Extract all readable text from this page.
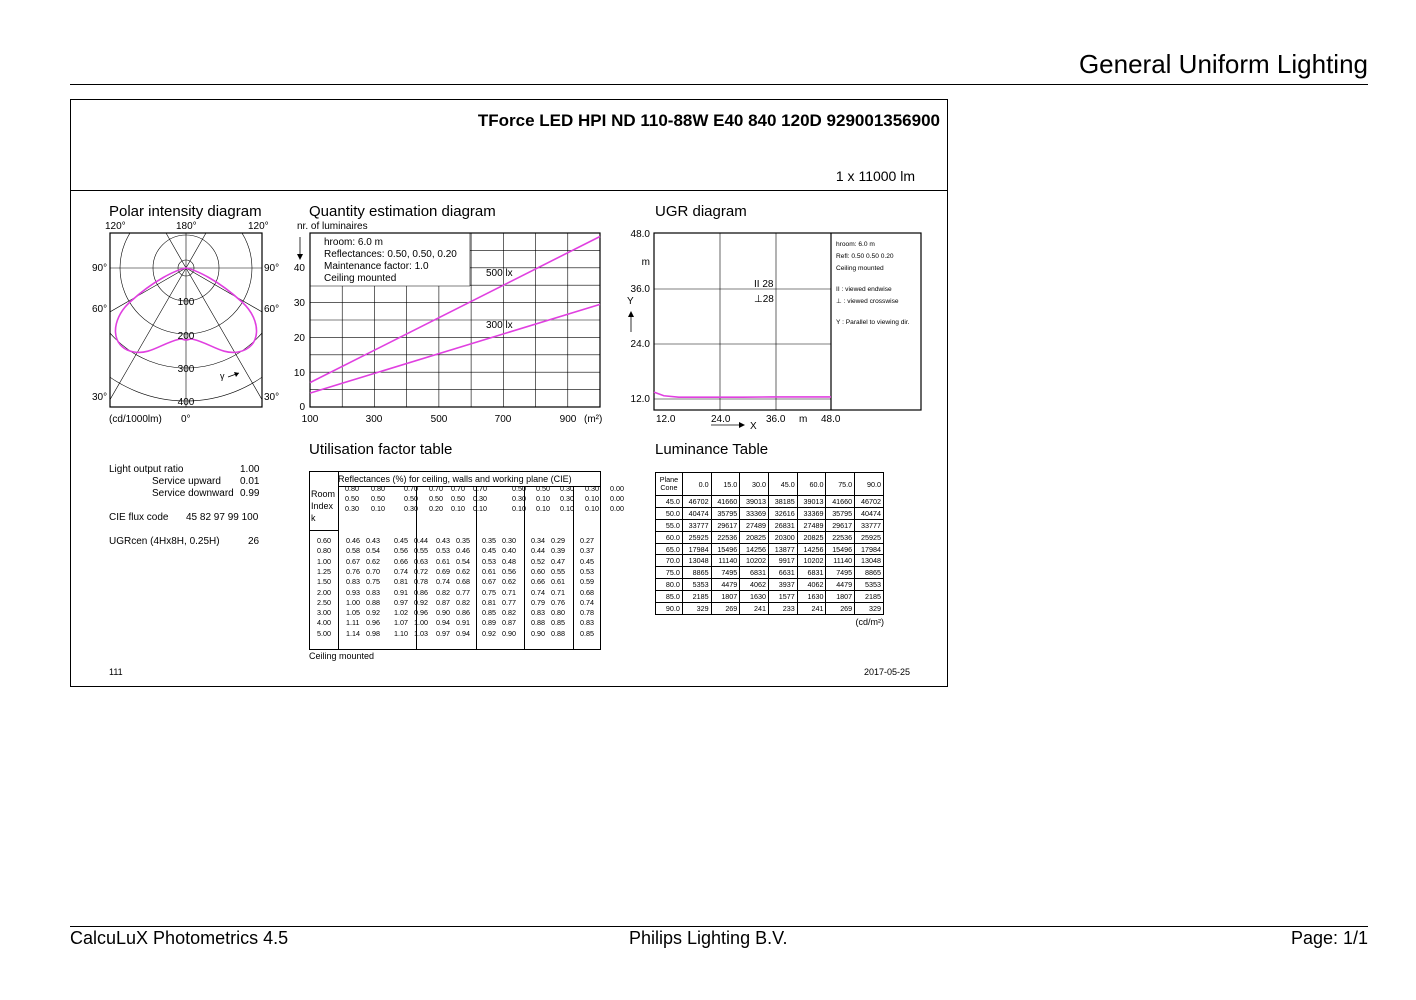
General Uniform Lighting
TForce LED HPI ND 110-88W E40 840 120D 929001356900
1 x 11000 lm
Polar intensity diagram	Quantity estimation diagram	UGR diagram
Utilisation factor table	Luminance Table
100
200
300
400
γ
120°	180°	120°
90°	90°
60°	60°
30°	30°
(cd/1000lm) 0°
nr. of luminaires
hroom: 6.0 m
Reflectances: 0.50, 0.50, 0.20
Maintenance factor: 1.0
Ceiling mounted	500 lx
300 lx
40
30
20
10
0
100	300	500	700	900 (m²)
48.0
m
36.0
24.0
12.0
Y
12.0	24.0	36.0 m 48.0
X
II 28
⊥28
hroom: 6.0 m
Refl: 0.50 0.50 0.20
Ceiling mounted
II : viewed endwise
⊥ : viewed crosswise
Y : Parallel to viewing dir.
Light output ratio	1.00
Service upward 0.01
Service downward 0.99
CIE flux code 45 82 97 99 100
UGRcen (4Hx8H, 0.25H)	26
Reflectances (%) for ceiling, walls and working plane (CIE)
Room
Index
k
0.80 0.80	0.70 0.70 0.70 0.70	0.50 0.50 0.30 0.30 0.00
0.50 0.50	0.50 0.50 0.50 0.30	0.30 0.10 0.30 0.10 0.00
0.30 0.10	0.30 0.20 0.10 0.10	0.10 0.10 0.10 0.10 0.00
0.60 0.46 0.43 0.45 0.44 0.43 0.35 0.35 0.30 0.34 0.29 0.27
0.80 0.58 0.54 0.56 0.55 0.53 0.46 0.45 0.40 0.44 0.39 0.37
1.00 0.67 0.62 0.66 0.63 0.61 0.54 0.53 0.48 0.52 0.47 0.45
1.25 0.76 0.70 0.74 0.72 0.69 0.62 0.61 0.56 0.60 0.55 0.53
1.50 0.83 0.75 0.81 0.78 0.74 0.68 0.67 0.62 0.66 0.61 0.59
2.00 0.93 0.83 0.91 0.86 0.82 0.77 0.75 0.71 0.74 0.71 0.68
2.50 1.00 0.88 0.97 0.92 0.87 0.82 0.81 0.77 0.79 0.76 0.74
3.00 1.05 0.92 1.02 0.96 0.90 0.86 0.85 0.82 0.83 0.80 0.78
4.00 1.11 0.96 1.07 1.00 0.94 0.91 0.89 0.87 0.88 0.85 0.83
5.00 1.14 0.98 1.10 1.03 0.97 0.94 0.92 0.90 0.90 0.88 0.85
Ceiling mounted
Plane
Cone	0.0	15.0	30.0	45.0	60.0	75.0	90.0
45.0	46702	41660	39013	38185	39013	41660	46702
50.0	40474	35795	33369	32616	33369	35795	40474
55.0	33777	29617	27489	26831	27489	29617	33777
60.0	25925	22536	20825	20300	20825	22536	25925
65.0	17984	15496	14256	13877	14256	15496	17984
70.0	13048	11140	10202	9917	10202	11140	13048
75.0	8865	7495	6831	6631	6831	7495	8865
80.0	5353	4479	4062	3937	4062	4479	5353
85.0	2185	1807	1630	1577	1630	1807	2185
90.0	329	269	241	233	241	269	329
(cd/m²)
111	2017-05-25
CalcuLuX Photometrics 4.5	Philips Lighting B.V.	Page: 1/1
